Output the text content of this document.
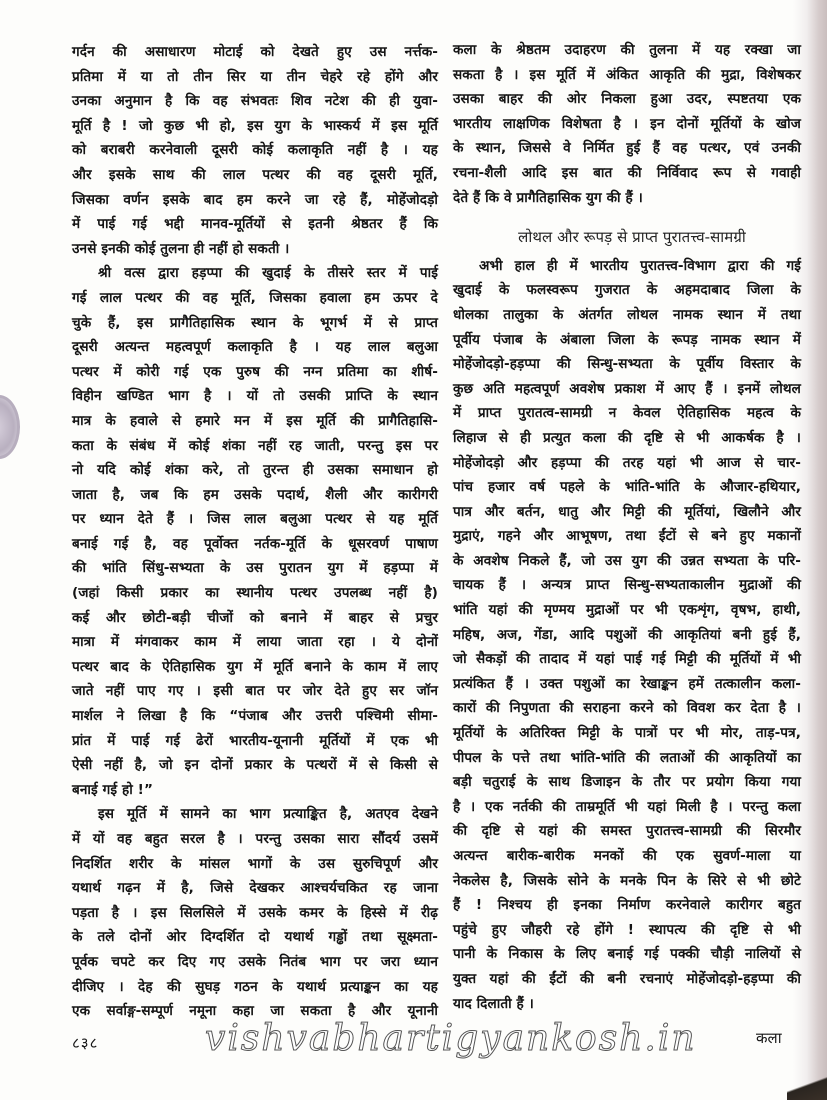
गर्दन की असाधारण मोटाई को देखते हुए उस नर्त्तक-
प्रतिमा में या तो तीन सिर या तीन चेहरे रहे होंगे और
उनका अनुमान है कि वह संभवतः शिव नटेश की ही युवा-
मूर्ति है ! जो कुछ भी हो, इस युग के भास्कर्य में इस मूर्ति
को बराबरी करनेवाली दूसरी कोई कलाकृति नहीं है । यह
और इसके साथ की लाल पत्थर की वह दूसरी मूर्ति,
जिसका वर्णन इसके बाद हम करने जा रहे हैं, मोहेंजोदड़ो
में पाई गई भद्दी मानव-मूर्तियों से इतनी श्रेष्ठतर हैं कि
उनसे इनकी कोई तुलना ही नहीं हो सकती ।
श्री वत्स द्वारा हड़प्पा की खुदाई के तीसरे स्तर में पाई
गई लाल पत्थर की वह मूर्ति, जिसका हवाला हम ऊपर दे
चुके हैं, इस प्रागैतिहासिक स्थान के भूगर्भ में से प्राप्त
दूसरी अत्यन्त महत्वपूर्ण कलाकृति है । यह लाल बलुआ
पत्थर में कोरी गई एक पुरुष की नग्न प्रतिमा का शीर्ष-
विहीन खण्डित भाग है । यों तो उसकी प्राप्ति के स्थान
मात्र के हवाले से हमारे मन में इस मूर्ति की प्रागैतिहासि-
कता के संबंध में कोई शंका नहीं रह जाती, परन्तु इस पर
नो यदि कोई शंका करे, तो तुरन्त ही उसका समाधान हो
जाता है, जब कि हम उसके पदार्थ, शैली और कारीगरी
पर ध्यान देते हैं । जिस लाल बलुआ पत्थर से यह मूर्ति
बनाई गई है, वह पूर्वोक्त नर्तक-मूर्ति के धूसरवर्ण पाषाण
की भांति सिंधु-सभ्यता के उस पुरातन युग में हड़प्पा में
(जहां किसी प्रकार का स्थानीय पत्थर उपलब्ध नहीं है)
कई और छोटी-बड़ी चीजों को बनाने में बाहर से प्रचुर
मात्रा में मंगवाकर काम में लाया जाता रहा । ये दोनों
पत्थर बाद के ऐतिहासिक युग में मूर्ति बनाने के काम में लाए
जाते नहीं पाए गए । इसी बात पर जोर देते हुए सर जॉन
मार्शल ने लिखा है कि “पंजाब और उत्तरी पश्चिमी सीमा-
प्रांत में पाई गई ढेरों भारतीय-यूनानी मूर्तियों में एक भी
ऐसी नहीं है, जो इन दोनों प्रकार के पत्थरों में से किसी से
बनाई गई हो !”
इस मूर्ति में सामने का भाग प्रत्याङ्कित है, अतएव देखने
में यों वह बहुत सरल है । परन्तु उसका सारा सौंदर्य उसमें
निदर्शित शरीर के मांसल भागों के उस सुरुचिपूर्ण और
यथार्थ गढ़न में है, जिसे देखकर आश्चर्यचकित रह जाना
पड़ता है । इस सिलसिले में उसके कमर के हिस्से में रीढ़
के तले दोनों ओर दिग्दर्शित दो यथार्थ गड्ढों तथा सूक्ष्मता-
पूर्वक चपटे कर दिए गए उसके नितंब भाग पर जरा ध्यान
दीजिए । देह की सुघड़ गठन के यथार्थ प्रत्याङ्कन का यह
एक सर्वाङ्ग-सम्पूर्ण नमूना कहा जा सकता है और यूनानी
कला के श्रेष्ठतम उदाहरण की तुलना में यह रक्खा जा
सकता है । इस मूर्ति में अंकित आकृति की मुद्रा, विशेषकर
उसका बाहर की ओर निकला हुआ उदर, स्पष्टतया एक
भारतीय लाक्षणिक विशेषता है । इन दोनों मूर्तियों के खोज
के स्थान, जिससे वे निर्मित हुई हैं वह पत्थर, एवं उनकी
रचना-शैली आदि इस बात की निर्विवाद रूप से गवाही
देते हैं कि वे प्रागैतिहासिक युग की हैं ।
लोथल और रूपड़ से प्राप्त पुरातत्त्व-सामग्री
अभी हाल ही में भारतीय पुरातत्त्व-विभाग द्वारा की गई
खुदाई के फलस्वरूप गुजरात के अहमदाबाद जिला के
धोलका तालुका के अंतर्गत लोथल नामक स्थान में तथा
पूर्वीय पंजाब के अंबाला जिला के रूपड़ नामक स्थान में
मोहेंजोदड़ो-हड़प्पा की सिन्धु-सभ्यता के पूर्वीय विस्तार के
कुछ अति महत्वपूर्ण अवशेष प्रकाश में आए हैं । इनमें लोथल
में प्राप्त पुरातत्व-सामग्री न केवल ऐतिहासिक महत्व के
लिहाज से ही प्रत्युत कला की दृष्टि से भी आकर्षक है ।
मोहेंजोदड़ो और हड़प्पा की तरह यहां भी आज से चार-
पांच हजार वर्ष पहले के भांति-भांति के औजार-हथियार,
पात्र और बर्तन, धातु और मिट्टी की मूर्तियां, खिलौने और
मुद्राएं, गहने और आभूषण, तथा ईंटों से बने हुए मकानों
के अवशेष निकले हैं, जो उस युग की उन्नत सभ्यता के परि-
चायक हैं । अन्यत्र प्राप्त सिन्धु-सभ्यताकालीन मुद्राओं की
भांति यहां की मृण्मय मुद्राओं पर भी एकशृंग, वृषभ, हाथी,
महिष, अज, गेंडा, आदि पशुओं की आकृतियां बनी हुई हैं,
जो सैकड़ों की तादाद में यहां पाई गई मिट्टी की मूर्तियों में भी
प्रत्यंकित हैं । उक्त पशुओं का रेखाङ्कन हमें तत्कालीन कला-
कारों की निपुणता की सराहना करने को विवश कर देता है ।
मूर्तियों के अतिरिक्त मिट्टी के पात्रों पर भी मोर, ताड़-पत्र,
पीपल के पत्ते तथा भांति-भांति की लताओं की आकृतियों का
बड़ी चतुराई के साथ डिजाइन के तौर पर प्रयोग किया गया
है । एक नर्तकी की ताम्रमूर्ति भी यहां मिली है । परन्तु कला
की दृष्टि से यहां की समस्त पुरातत्त्व-सामग्री की सिरमौर
अत्यन्त बारीक-बारीक मनकों की एक सुवर्ण-माला या
नेकलेस है, जिसके सोने के मनके पिन के सिरे से भी छोटे
हैं ! निश्चय ही इनका निर्माण करनेवाले कारीगर बहुत
पहुंचे हुए जौहरी रहे होंगे ! स्थापत्य की दृष्टि से भी
पानी के निकास के लिए बनाई गई पक्की चौड़ी नालियों से
युक्त यहां की ईंटों की बनी रचनाएं मोहेंजोदड़ो-हड़प्पा की
याद दिलाती हैं ।
८३८	vishvabhartigyankosh.in	कला
